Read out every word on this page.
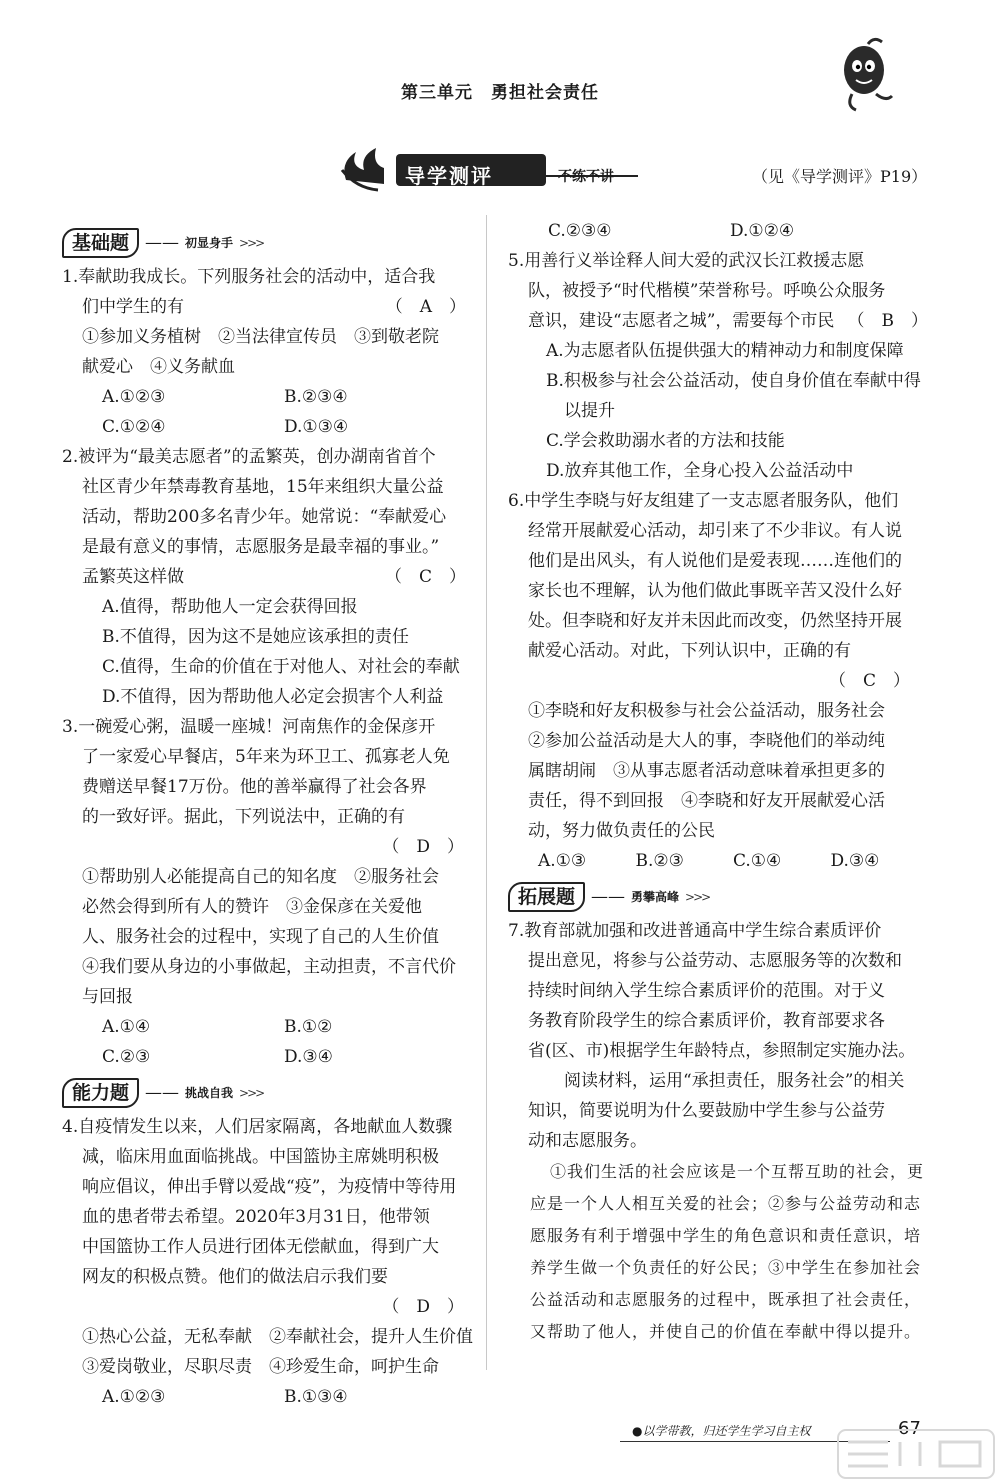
第三单元　勇担社会责任
导学测评	不练不讲	（见《导学测评》P19）
基础题 —— 初显身手 >>>
1.奉献助我成长。下列服务社会的活动中，适合我
们中学生的有	（　A　）
①参加义务植树　②当法律宣传员　③到敬老院
献爱心　④义务献血
A.①②③	B.②③④
C.①②④	D.①③④
2.被评为“最美志愿者”的孟繁英，创办湖南省首个
社区青少年禁毒教育基地，15年来组织大量公益
活动，帮助200多名青少年。她常说：“奉献爱心
是最有意义的事情，志愿服务是最幸福的事业。”
孟繁英这样做	（　C　）
A.值得，帮助他人一定会获得回报
B.不值得，因为这不是她应该承担的责任
C.值得，生命的价值在于对他人、对社会的奉献
D.不值得，因为帮助他人必定会损害个人利益
3.一碗爱心粥，温暖一座城！河南焦作的金保彦开
了一家爱心早餐店，5年来为环卫工、孤寡老人免
费赠送早餐17万份。他的善举赢得了社会各界
的一致好评。据此，下列说法中，正确的有
（　D　）
①帮助别人必能提高自己的知名度　②服务社会
必然会得到所有人的赞许　③金保彦在关爱他
人、服务社会的过程中，实现了自己的人生价值
④我们要从身边的小事做起，主动担责，不言代价
与回报
A.①④	B.①②
C.②③	D.③④
能力题 —— 挑战自我 >>>
4.自疫情发生以来，人们居家隔离，各地献血人数骤
减，临床用血面临挑战。中国篮协主席姚明积极
响应倡议，伸出手臂以爱战“疫”，为疫情中等待用
血的患者带去希望。2020年3月31日，他带领
中国篮协工作人员进行团体无偿献血，得到广大
网友的积极点赞。他们的做法启示我们要
（　D　）
①热心公益，无私奉献　②奉献社会，提升人生价值
③爱岗敬业，尽职尽责　④珍爱生命，呵护生命
A.①②③	B.①③④
C.②③④	D.①②④
5.用善行义举诠释人间大爱的武汉长江救援志愿
队，被授予“时代楷模”荣誉称号。呼唤公众服务
意识，建设“志愿者之城”，需要每个市民 （　B　）
A.为志愿者队伍提供强大的精神动力和制度保障
B.积极参与社会公益活动，使自身价值在奉献中得以提升
C.学会救助溺水者的方法和技能
D.放弃其他工作，全身心投入公益活动中
6.中学生李晓与好友组建了一支志愿者服务队，他们
经常开展献爱心活动，却引来了不少非议。有人说
他们是出风头，有人说他们是爱表现……连他们的
家长也不理解，认为他们做此事既辛苦又没什么好
处。但李晓和好友并未因此而改变，仍然坚持开展
献爱心活动。对此，下列认识中，正确的有
（　C　）
①李晓和好友积极参与社会公益活动，服务社会
②参加公益活动是大人的事，李晓他们的举动纯
属瞎胡闹　③从事志愿者活动意味着承担更多的
责任，得不到回报　④李晓和好友开展献爱心活
动，努力做负责任的公民
A.①③	B.②③	C.①④	D.③④
拓展题 —— 勇攀高峰 >>>
7.教育部就加强和改进普通高中学生综合素质评价
提出意见，将参与公益劳动、志愿服务等的次数和
持续时间纳入学生综合素质评价的范围。对于义
务教育阶段学生的综合素质评价，教育部要求各
省(区、市)根据学生年龄特点，参照制定实施办法。
阅读材料，运用“承担责任，服务社会”的相关
知识，简要说明为什么要鼓励中学生参与公益劳
动和志愿服务。
①我们生活的社会应该是一个互帮互助的社会，更应是一个人人相互关爱的社会；②参与公益劳动和志愿服务有利于增强中学生的角色意识和责任意识，培养学生做一个负责任的好公民；③中学生在参加社会公益活动和志愿服务的过程中，既承担了社会责任，又帮助了他人，并使自己的价值在奉献中得以提升。
●以学带教，归还学生学习自主权	67
